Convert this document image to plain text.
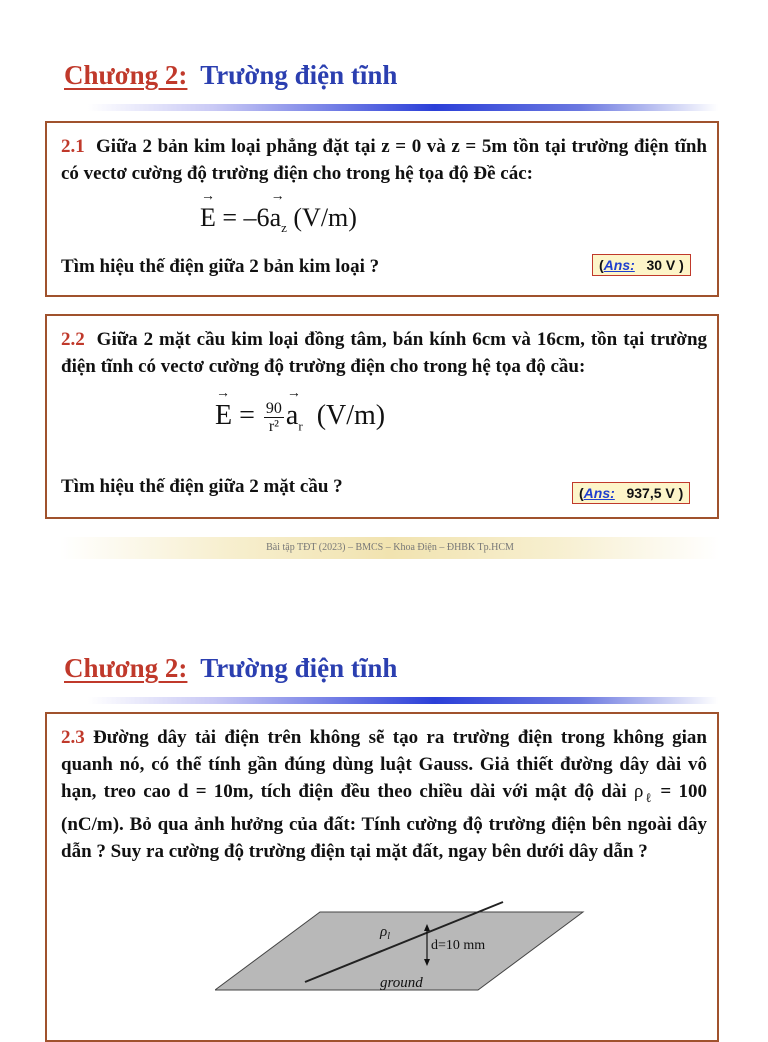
Chương 2: Trường điện tĩnh
2.1 Giữa 2 bản kim loại phẳng đặt tại z = 0 và z = 5m tồn tại trường điện tĩnh có vectơ cường độ trường điện cho trong hệ tọa độ Đề các:
→ $E = -6\to a_z$ (V/m)
Tìm hiệu thế điện giữa 2 bản kim loại ?	(Ans: 30 V )
2.2 Giữa 2 mặt cầu kim loại đồng tâm, bán kính 6cm và 16cm, tồn tại trường điện tĩnh có vectơ cường độ trường điện cho trong hệ tọa độ cầu:
→ $E = \frac{90}{\text{r²}}$
→ $a_r$ (V/m)
Tìm hiệu thế điện giữa 2 mặt cầu ?	(Ans: 937,5 V )
Bài tập TĐT (2023) – BMCS – Khoa Điện – ĐHBK Tp.HCM
Chương 2: Trường điện tĩnh
2.3 Đường dây tải điện trên không sẽ tạo ra trường điện trong không gian quanh nó, có thể tính gần đúng dùng luật Gauss. Giả thiết đường dây dài vô hạn, treo cao d = 10m, tích điện đều theo chiều dài với mật độ dài $\rho_\ell = 100$ (nC/m). Bỏ qua ảnh hưởng của đất: Tính cường độ trường điện bên ngoài dây dẫn ? Suy ra cường độ trường điện tại mặt đất, ngay bên dưới dây dẫn ?
$\rho_l$
d=10 mm
ground
